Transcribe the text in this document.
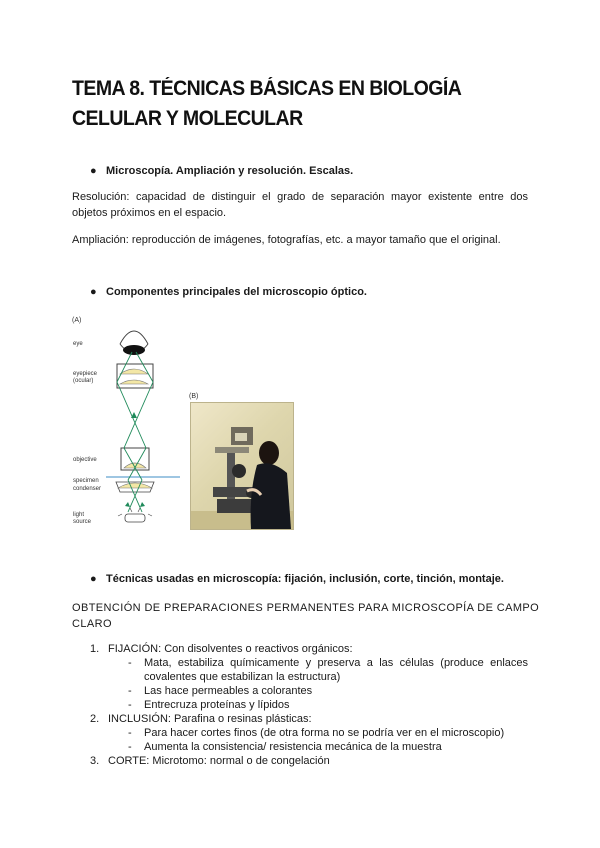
TEMA 8. TÉCNICAS BÁSICAS EN BIOLOGÍA CELULAR Y MOLECULAR
● Microscopía. Ampliación y resolución. Escalas.
Resolución: capacidad de distinguir el grado de separación mayor existente entre dos objetos próximos en el espacio.
Ampliación: reproducción de imágenes, fotografías, etc. a mayor tamaño que el original.
● Componentes principales del microscopio óptico.
(A)
eye
eyepiece
(ocular)
objective
specimen
condenser
light
source
(B)
● Técnicas usadas en microscopía: fijación, inclusión, corte, tinción, montaje.
OBTENCIÓN DE PREPARACIONES PERMANENTES PARA MICROSCOPÍA DE CAMPO CLARO
1. FIJACIÓN: Con disolventes o reactivos orgánicos:
- Mata, estabiliza químicamente y preserva a las células (produce enlaces covalentes que estabilizan la estructura)
- Las hace permeables a colorantes
- Entrecruza proteínas y lípidos
2. INCLUSIÓN: Parafina o resinas plásticas:
- Para hacer cortes finos (de otra forma no se podría ver en el microscopio)
- Aumenta la consistencia/ resistencia mecánica de la muestra
3. CORTE: Microtomo: normal o de congelación
